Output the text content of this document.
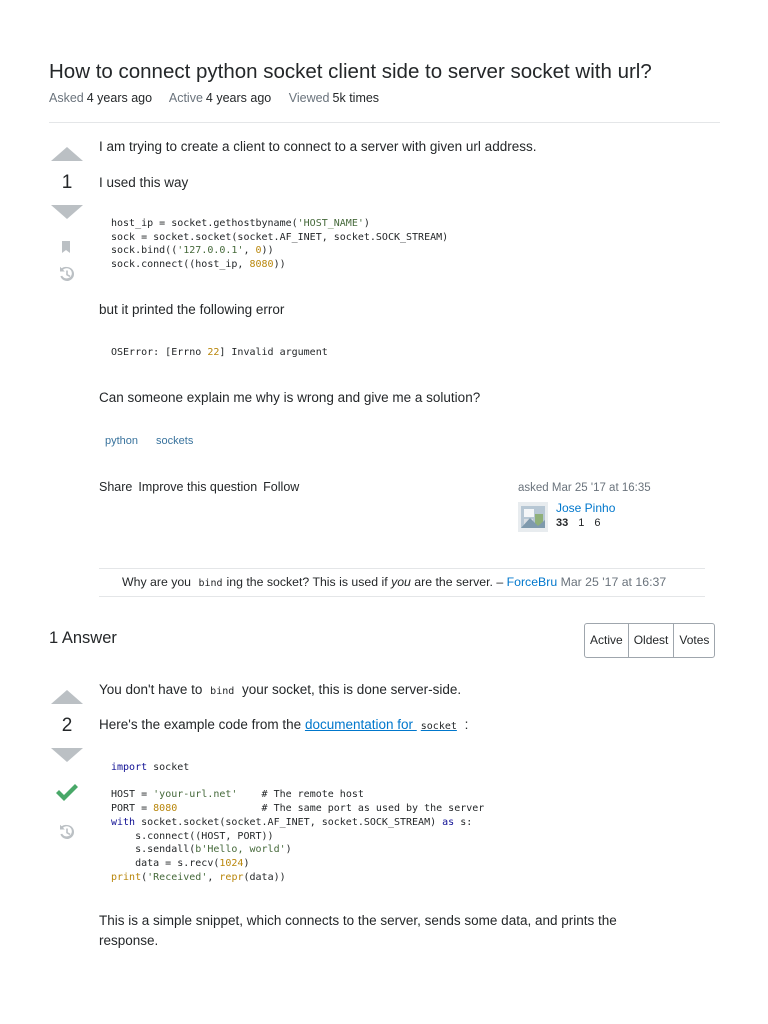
How to connect python socket client side to server socket with url?
Asked 4 years ago Active 4 years ago Viewed 5k times
1

I am trying to create a client to connect to a server with given url address.

I used this way

host_ip = socket.gethostbyname('HOST_NAME')
sock = socket.socket(socket.AF_INET, socket.SOCK_STREAM)
sock.bind(('127.0.0.1', 0))
sock.connect((host_ip, 8080))

but it printed the following error

OSError: [Errno 22] Invalid argument

Can someone explain me why is wrong and give me a solution?

python	sockets
Share Improve this question Follow	asked Mar 25 '17 at 16:35
Jose Pinho
33 1 6
Why are you bind ing the socket? This is used if you are the server. – ForceBru Mar 25 '17 at 16:37
1 Answer	Active Oldest Votes
2

You don't have to bind your socket, this is done server-side.

Here's the example code from the documentation for socket :

import socket

HOST = 'your-url.net'    # The remote host
PORT = 8080              # The same port as used by the server
with socket.socket(socket.AF_INET, socket.SOCK_STREAM) as s:
s.connect((HOST, PORT))
s.sendall(b'Hello, world')
data = s.recv(1024)
print('Received', repr(data))

This is a simple snippet, which connects to the server, sends some data, and prints the

response.
